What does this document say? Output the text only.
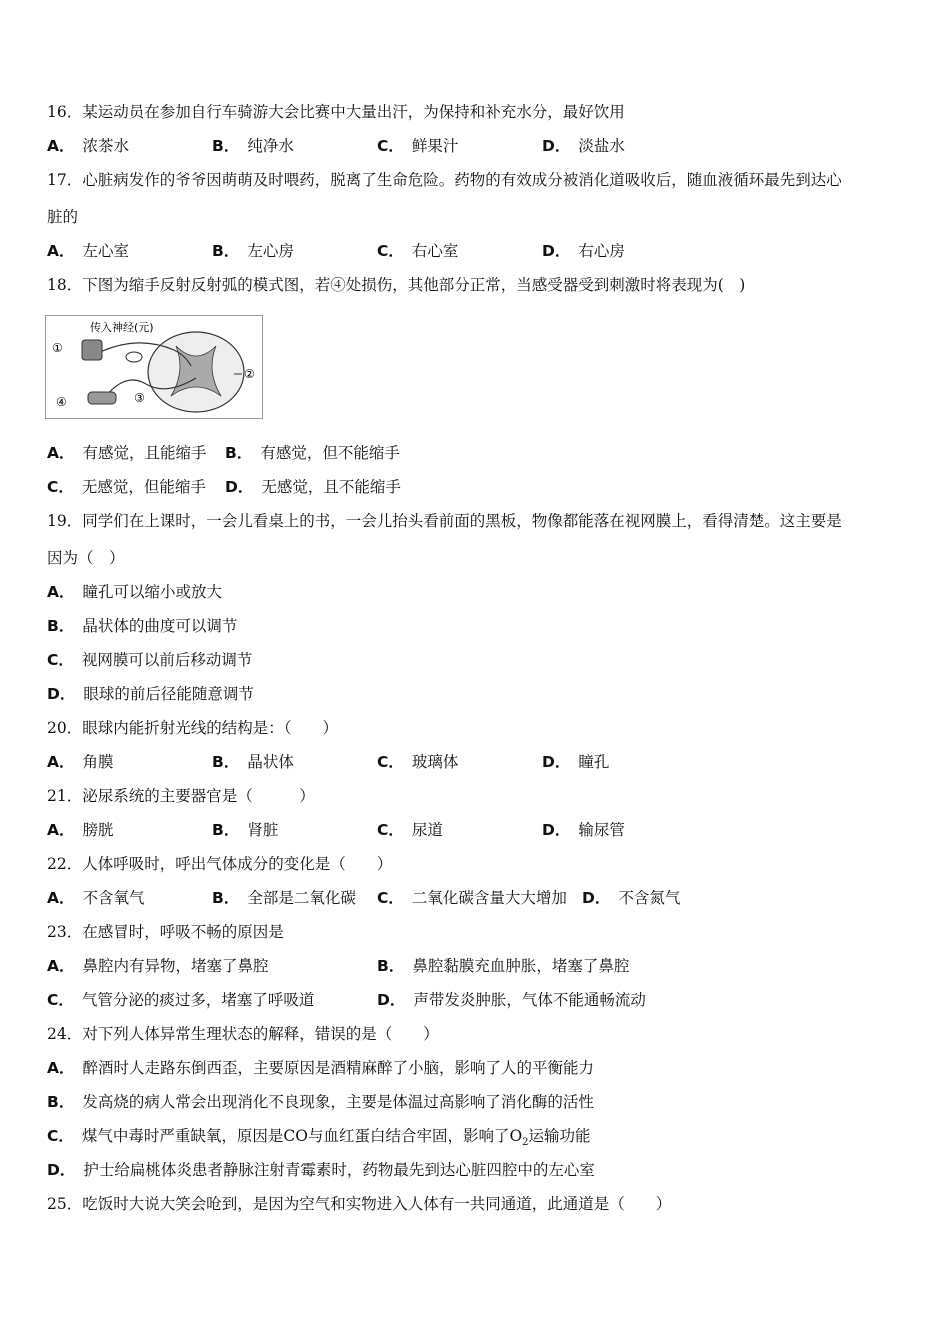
16．某运动员在参加自行车骑游大会比赛中大量出汗，为保持和补充水分，最好饮用
A． 浓茶水	B． 纯净水	C． 鲜果汁	D． 淡盐水
17．心脏病发作的爷爷因萌萌及时喂药，脱离了生命危险。药物的有效成分被消化道吸收后，随血液循环最先到达心
脏的
A． 左心室	B． 左心房	C． 右心室	D． 右心房
18．下图为缩手反射反射弧的模式图，若④处损伤，其他部分正常，当感受器受到刺激时将表现为(　)
传入神经(元)
①
②
③
④
A． 有感觉，且能缩手 B． 有感觉，但不能缩手
C． 无感觉，但能缩手 D． 无感觉，且不能缩手
19．同学们在上课时，一会儿看桌上的书，一会儿抬头看前面的黑板，物像都能落在视网膜上，看得清楚。这主要是
因为（　）
A． 瞳孔可以缩小或放大
B． 晶状体的曲度可以调节
C． 视网膜可以前后移动调节
D． 眼球的前后径能随意调节
20．眼球内能折射光线的结构是：（　　）
A． 角膜	B． 晶状体	C． 玻璃体	D． 瞳孔
21．泌尿系统的主要器官是（　　　）
A． 膀胱	B． 肾脏	C． 尿道	D． 输尿管
22．人体呼吸时，呼出气体成分的变化是（　　）
A． 不含氧气	B． 全部是二氧化碳 C． 二氧化碳含量大大增加 D． 不含氮气
23．在感冒时，呼吸不畅的原因是
A． 鼻腔内有异物，堵塞了鼻腔	B． 鼻腔黏膜充血肿胀，堵塞了鼻腔
C． 气管分泌的痰过多，堵塞了呼吸道	D． 声带发炎肿胀，气体不能通畅流动
24．对下列人体异常生理状态的解释，错误的是（　　）
A． 醉酒时人走路东倒西歪，主要原因是酒精麻醉了小脑，影响了人的平衡能力
B． 发高烧的病人常会出现消化不良现象，主要是体温过高影响了消化酶的活性
C． 煤气中毒时严重缺氧，原因是CO与血红蛋白结合牢固，影响了$O_2$运输功能
D． 护士给扁桃体炎患者静脉注射青霉素时，药物最先到达心脏四腔中的左心室
25．吃饭时大说大笑会呛到，是因为空气和实物进入人体有一共同通道，此通道是（　　）
